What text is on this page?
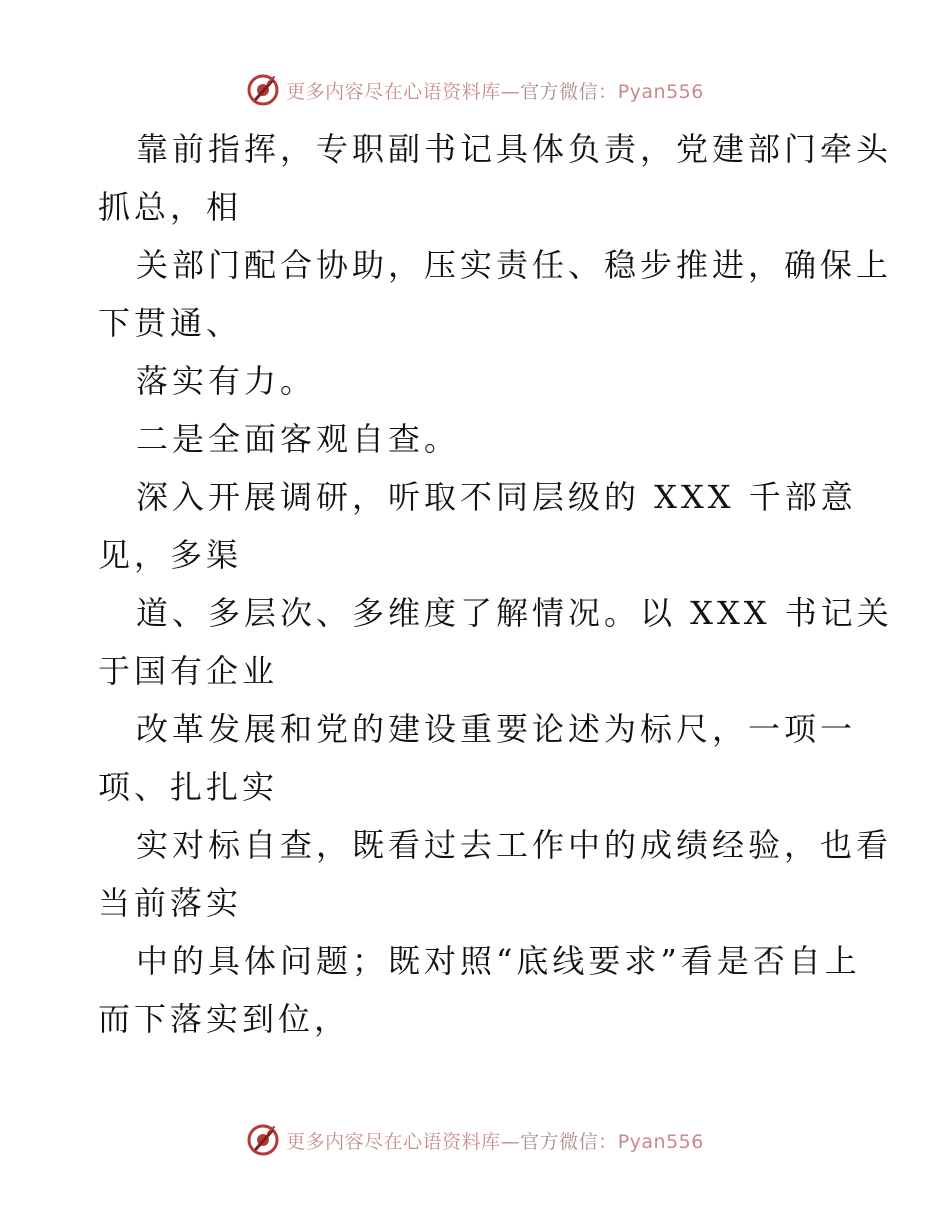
更多内容尽在心语资料库—官方微信：Pyan556
靠前指挥，专职副书记具体负责，党建部门牵头
抓总，相
关部门配合协助，压实责任、稳步推进，确保上
下贯通、
落实有力。
二是全面客观自查。
深入开展调研，听取不同层级的 XXX 千部意
见，多渠
道、多层次、多维度了解情况。以 XXX 书记关
于国有企业
改革发展和党的建设重要论述为标尺，一项一
项、扎扎实
实对标自查，既看过去工作中的成绩经验，也看
当前落实
中的具体问题；既对照“底线要求”看是否自上
而下落实到位，
更多内容尽在心语资料库—官方微信：Pyan556
